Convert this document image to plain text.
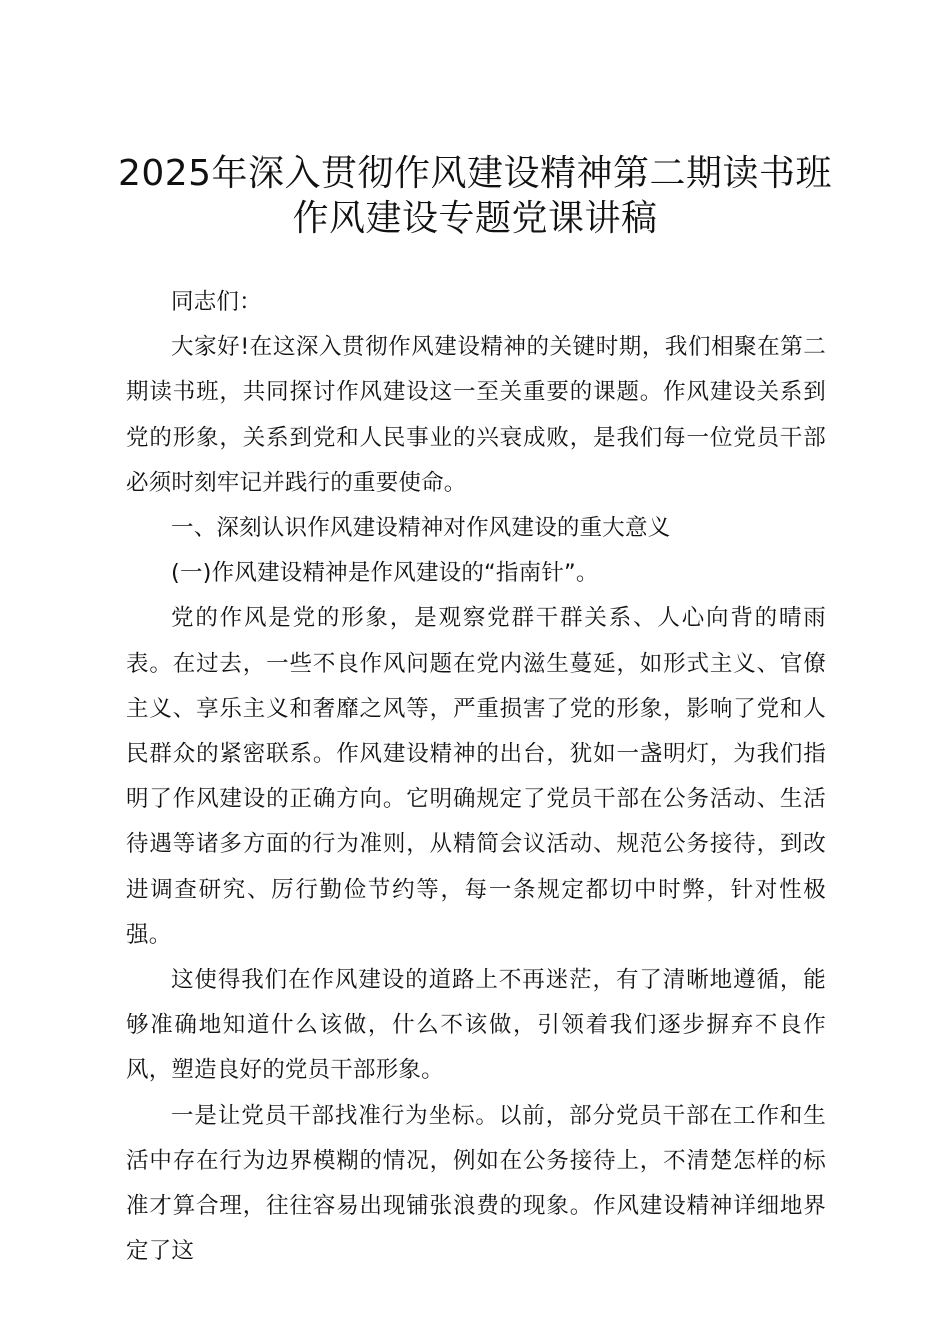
2025年深入贯彻作风建设精神第二期读书班
作风建设专题党课讲稿

同志们：

大家好!在这深入贯彻作风建设精神的关键时期，我们相聚在第二期读书班，共同探讨作风建设这一至关重要的课题。作风建设关系到党的形象，关系到党和人民事业的兴衰成败，是我们每一位党员干部必须时刻牢记并践行的重要使命。

一、深刻认识作风建设精神对作风建设的重大意义

(一)作风建设精神是作风建设的“指南针”。

党的作风是党的形象，是观察党群干群关系、人心向背的晴雨表。在过去，一些不良作风问题在党内滋生蔓延，如形式主义、官僚主义、享乐主义和奢靡之风等，严重损害了党的形象，影响了党和人民群众的紧密联系。作风建设精神的出台，犹如一盏明灯，为我们指明了作风建设的正确方向。它明确规定了党员干部在公务活动、生活待遇等诸多方面的行为准则，从精简会议活动、规范公务接待，到改进调查研究、厉行勤俭节约等，每一条规定都切中时弊，针对性极强。

这使得我们在作风建设的道路上不再迷茫，有了清晰地遵循，能够准确地知道什么该做，什么不该做，引领着我们逐步摒弃不良作风，塑造良好的党员干部形象。

一是让党员干部找准行为坐标。以前，部分党员干部在工作和生活中存在行为边界模糊的情况，例如在公务接待上，不清楚怎样的标准才算合理，往往容易出现铺张浪费的现象。作风建设精神详细地界定了这
